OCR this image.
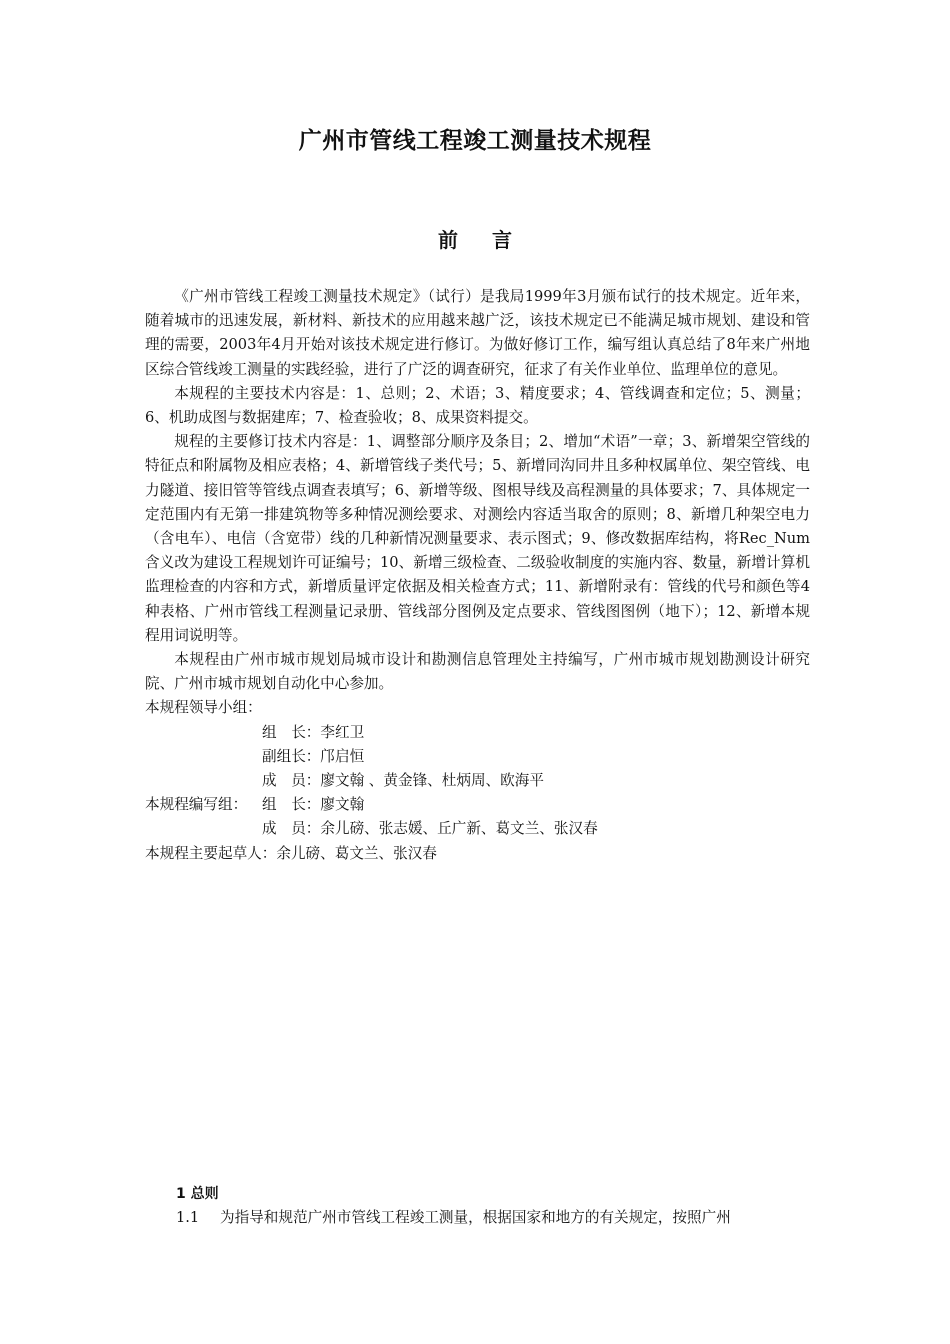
广州市管线工程竣工测量技术规程
前言

《广州市管线工程竣工测量技术规定》（试行）是我局1999年3月颁布试行的技术规定。近年来，随着城市的迅速发展，新材料、新技术的应用越来越广泛，该技术规定已不能满足城市规划、建设和管理的需要，2003年4月开始对该技术规定进行修订。为做好修订工作，编写组认真总结了8年来广州地区综合管线竣工测量的实践经验，进行了广泛的调查研究，征求了有关作业单位、监理单位的意见。

本规程的主要技术内容是：1、总则；2、术语；3、精度要求；4、管线调查和定位；5、测量；6、机助成图与数据建库；7、检查验收；8、成果资料提交。

规程的主要修订技术内容是：1、调整部分顺序及条目；2、增加“术语”一章；3、新增架空管线的特征点和附属物及相应表格；4、新增管线子类代号；5、新增同沟同井且多种权属单位、架空管线、电力隧道、接旧管等管线点调查表填写；6、新增等级、图根导线及高程测量的具体要求；7、具体规定一定范围内有无第一排建筑物等多种情况测绘要求、对测绘内容适当取舍的原则；8、新增几种架空电力（含电车）、电信（含宽带）线的几种新情况测量要求、表示图式；9、修改数据库结构，将Rec_Num含义改为建设工程规划许可证编号；10、新增三级检查、二级验收制度的实施内容、数量，新增计算机监理检查的内容和方式，新增质量评定依据及相关检查方式；11、新增附录有：管线的代号和颜色等4种表格、广州市管线工程测量记录册、管线部分图例及定点要求、管线图图例（地下）；12、新增本规程用词说明等。

本规程由广州市城市规划局城市设计和勘测信息管理处主持编写，广州市城市规划勘测设计研究院、广州市城市规划自动化中心参加。

本规程领导小组：

组　长：李红卫

副组长：邝启恒

成　员：廖文翰 、黄金锋、杜炳周、欧海平

本规程编写组： 组　长：廖文翰

成　员：余儿磅、张志媛、丘广新、葛文兰、张汉春

本规程主要起草人：余儿磅、葛文兰、张汉春

1 总则

1.1 为指导和规范广州市管线工程竣工测量，根据国家和地方的有关规定，按照广州
